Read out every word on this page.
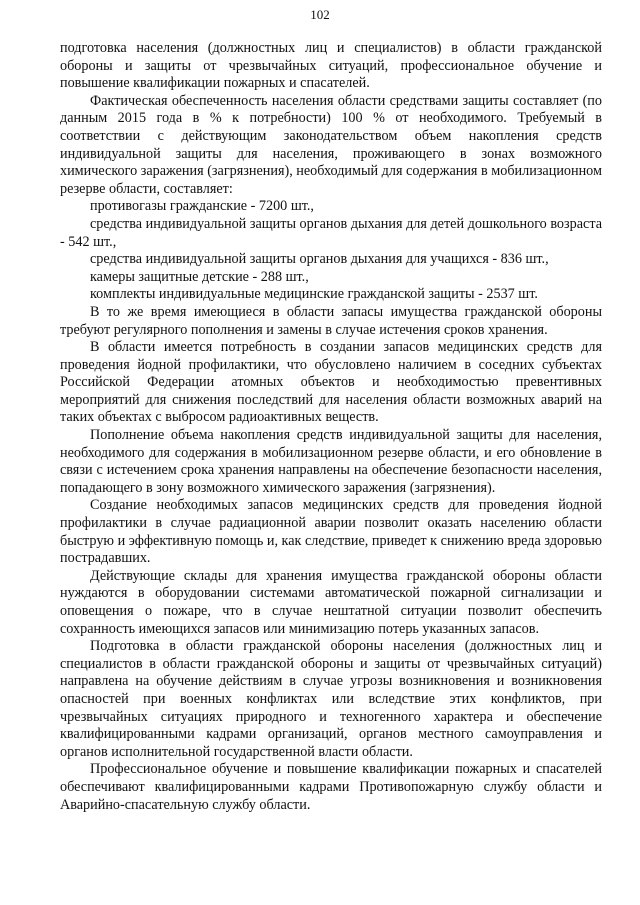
102

подготовка населения (должностных лиц и специалистов) в области гражданской обороны и защиты от чрезвычайных ситуаций, профессиональное обучение и повышение квалификации пожарных и спасателей.

Фактическая обеспеченность населения области средствами защиты составляет (по данным 2015 года в % к потребности) 100 % от необходимого. Требуемый в соответствии с действующим законодательством объем накопления средств индивидуальной защиты для населения, проживающего в зонах возможного химического заражения (загрязнения), необходимый для содержания в мобилизационном резерве области, составляет:

противогазы гражданские - 7200 шт.,

средства индивидуальной защиты органов дыхания для детей дошкольного возраста - 542 шт.,

средства индивидуальной защиты органов дыхания для учащихся - 836 шт.,

камеры защитные детские - 288 шт.,

комплекты индивидуальные медицинские гражданской защиты - 2537 шт.

В то же время имеющиеся в области запасы имущества гражданской обороны требуют регулярного пополнения и замены в случае истечения сроков хранения.

В области имеется потребность в создании запасов медицинских средств для проведения йодной профилактики, что обусловлено наличием в соседних субъектах Российской Федерации атомных объектов и необходимостью превентивных мероприятий для снижения последствий для населения области возможных аварий на таких объектах с выбросом радиоактивных веществ.

Пополнение объема накопления средств индивидуальной защиты для населения, необходимого для содержания в мобилизационном резерве области, и его обновление в связи с истечением срока хранения направлены на обеспечение безопасности населения, попадающего в зону возможного химического заражения (загрязнения).

Создание необходимых запасов медицинских средств для проведения йодной профилактики в случае радиационной аварии позволит оказать населению области быструю и эффективную помощь и, как следствие, приведет к снижению вреда здоровью пострадавших.

Действующие склады для хранения имущества гражданской обороны области нуждаются в оборудовании системами автоматической пожарной сигнализации и оповещения о пожаре, что в случае нештатной ситуации позволит обеспечить сохранность имеющихся запасов или минимизацию потерь указанных запасов.

Подготовка в области гражданской обороны населения (должностных лиц и специалистов в области гражданской обороны и защиты от чрезвычайных ситуаций) направлена на обучение действиям в случае угрозы возникновения и возникновения опасностей при военных конфликтах или вследствие этих конфликтов, при чрезвычайных ситуациях природного и техногенного характера и обеспечение квалифицированными кадрами организаций, органов местного самоуправления и органов исполнительной государственной власти области.

Профессиональное обучение и повышение квалификации пожарных и спасателей обеспечивают квалифицированными кадрами Противопожарную службу области и Аварийно-спасательную службу области.
